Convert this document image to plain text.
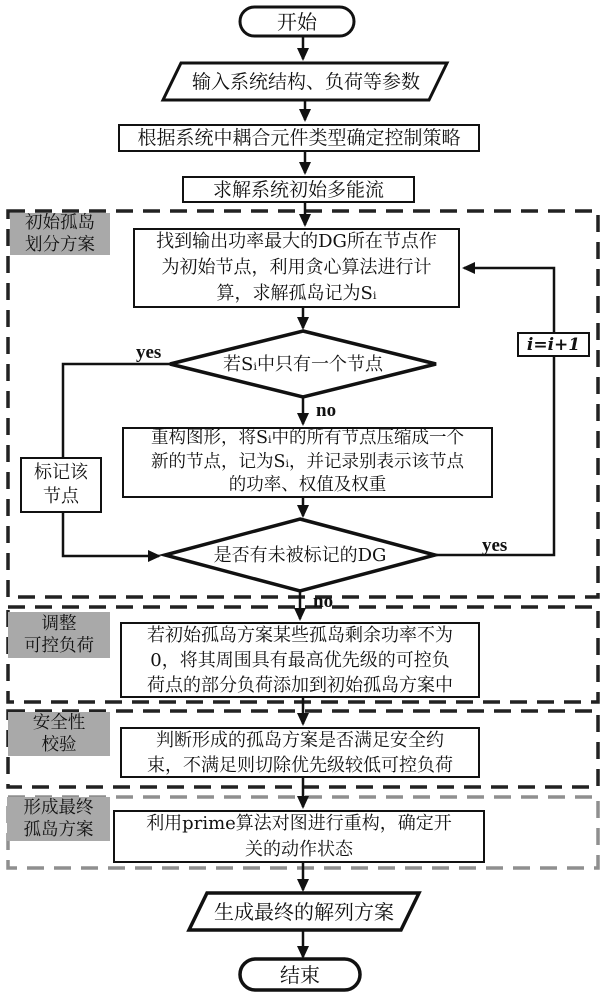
开始
输入系统结构、负荷等参数
根据系统中耦合元件类型确定控制策略
求解系统初始多能流
初始孤岛
划分方案
调整
可控负荷
安全性
校验
形成最终
孤岛方案
找到输出功率最大的DG所在节点作
为初始节点，利用贪心算法进行计
算，求解孤岛记为Sᵢ
若Sᵢ中只有一个节点
yes
no
标记该
节点
重构图形，将Sᵢ中的所有节点压缩成一个
新的节点，记为Sᵢ，并记录别表示该节点
的功率、权值及权重
是否有未被标记的DG	yes
no
i=i+1
若初始孤岛方案某些孤岛剩余功率不为
0，将其周围具有最高优先级的可控负
荷点的部分负荷添加到初始孤岛方案中
判断形成的孤岛方案是否满足安全约
束，不满足则切除优先级较低可控负荷
利用prime算法对图进行重构，确定开
关的动作状态
生成最终的解列方案
结束
